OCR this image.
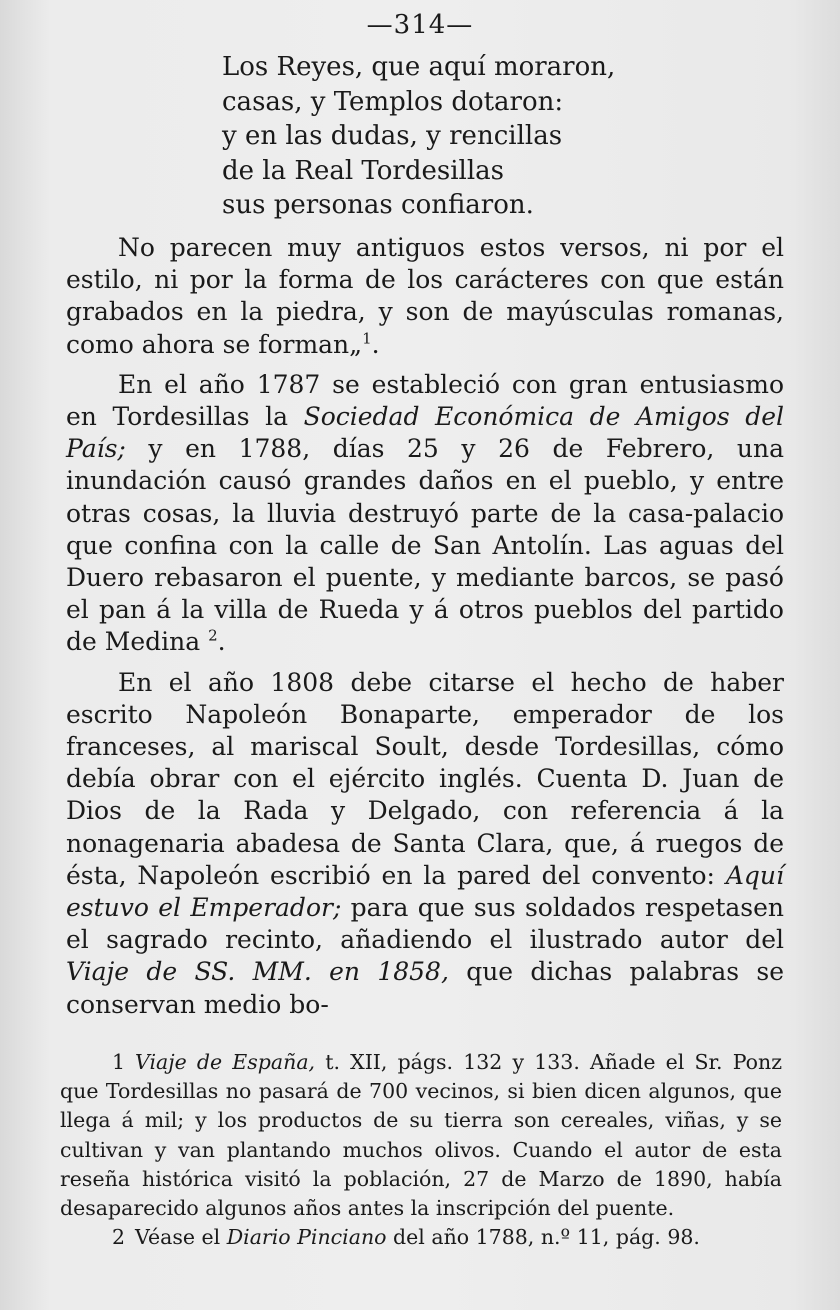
—314—
Los Reyes, que aquí moraron,
casas, y Templos dotaron:
y en las dudas, y rencillas
de la Real Tordesillas
sus personas confiaron.

No parecen muy antiguos estos versos, ni por el estilo, ni por la forma de los carácteres con que están grabados en la piedra, y son de mayúsculas romanas, como ahora se forman„$^1$.

En el año 1787 se estableció con gran entusiasmo en Tordesillas la Sociedad Económica de Amigos del País; y en 1788, días 25 y 26 de Febrero, una inundación causó grandes daños en el pueblo, y entre otras cosas, la lluvia destruyó parte de la casa-palacio que confina con la calle de San Antolín. Las aguas del Duero rebasaron el puente, y mediante barcos, se pasó el pan á la villa de Rueda y á otros pueblos del partido de Medina $^2$.

En el año 1808 debe citarse el hecho de haber escrito Napoleón Bonaparte, emperador de los franceses, al mariscal Soult, desde Tordesillas, cómo debía obrar con el ejército inglés. Cuenta D. Juan de Dios de la Rada y Delgado, con referencia á la nonagenaria abadesa de Santa Clara, que, á ruegos de ésta, Napoleón escribió en la pared del convento: Aquí estuvo el Emperador; para que sus soldados respetasen el sagrado recinto, añadiendo el ilustrado autor del Viaje de SS. MM. en 1858, que dichas palabras se conservan medio bo-

1 Viaje de España, t. XII, págs. 132 y 133. Añade el Sr. Ponz que Tordesillas no pasará de 700 vecinos, si bien dicen algunos, que llega á mil; y los productos de su tierra son cereales, viñas, y se cultivan y van plantando muchos olivos. Cuando el autor de esta reseña histórica visitó la población, 27 de Marzo de 1890, había desaparecido algunos años antes la inscripción del puente.

2 Véase el Diario Pinciano del año 1788, n.º 11, pág. 98.
